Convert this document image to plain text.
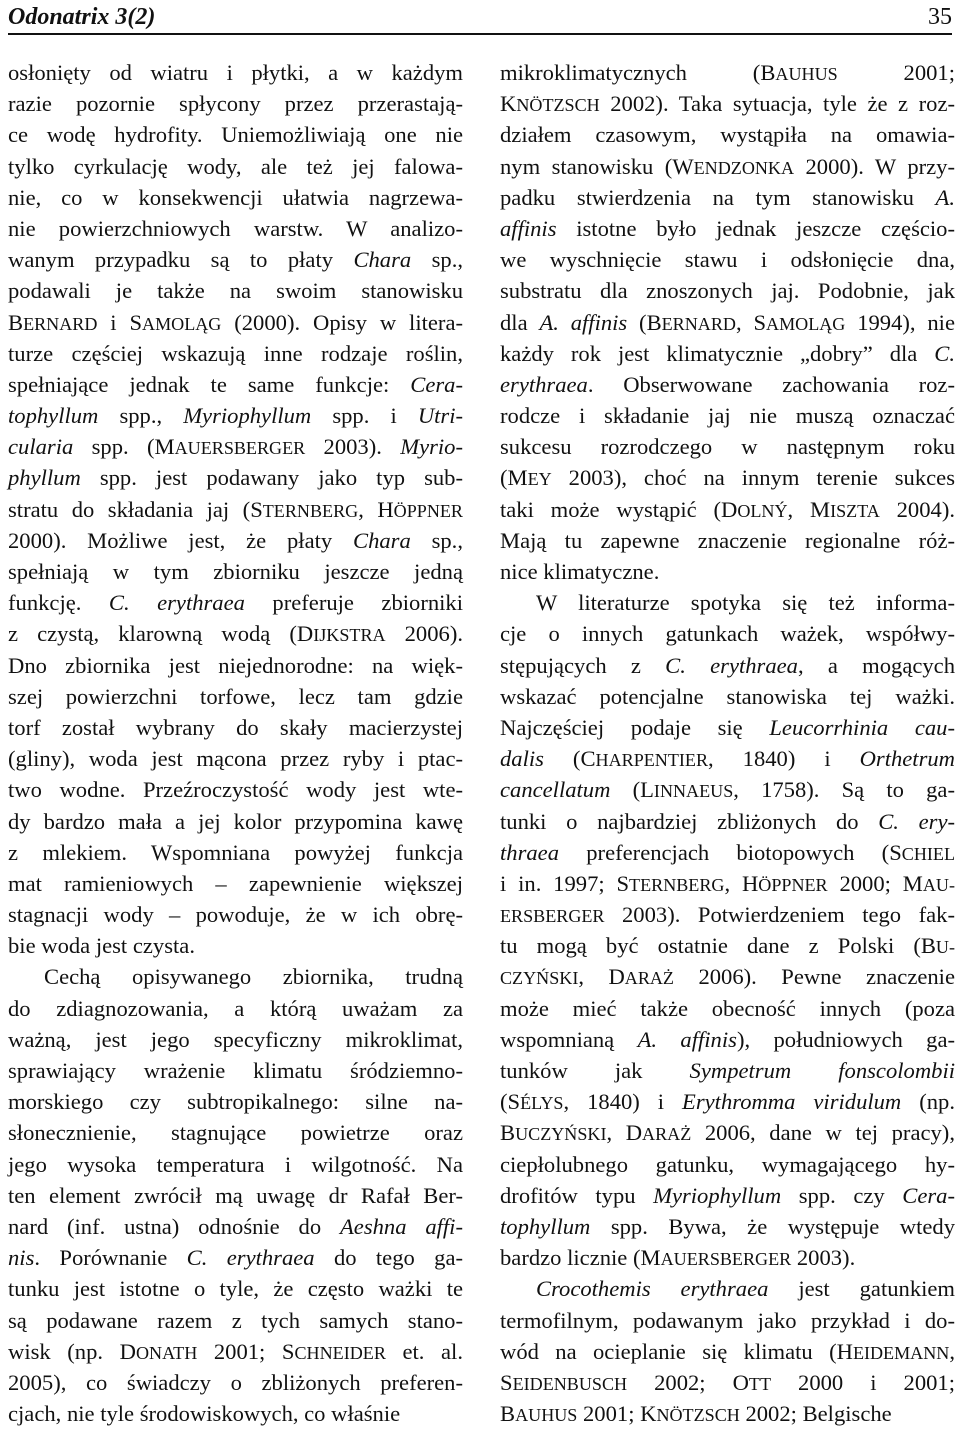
Odonatrix 3(2)	35
osłonięty od wiatru i płytki, a w każdym
razie pozornie spłycony przez przerastają-
ce wodę hydrofity. Uniemożliwiają one nie
tylko cyrkulację wody, ale też jej falowa-
nie, co w konsekwencji ułatwia nagrzewa-
nie powierzchniowych warstw. W analizo-
wanym przypadku są to płaty Chara sp.,
podawali je także na swoim stanowisku
BERNARD i SAMOLĄG (2000). Opisy w litera-
turze częściej wskazują inne rodzaje roślin,
spełniające jednak te same funkcje: Cera-
tophyllum spp., Myriophyllum spp. i Utri-
cularia spp. (MAUERSBERGER 2003). Myrio-
phyllum spp. jest podawany jako typ sub-
stratu do składania jaj (STERNBERG, HÖPPNER
2000). Możliwe jest, że płaty Chara sp.,
spełniają w tym zbiorniku jeszcze jedną
funkcję. C. erythraea preferuje zbiorniki
z czystą, klarowną wodą (DIJKSTRA 2006).
Dno zbiornika jest niejednorodne: na więk-
szej powierzchni torfowe, lecz tam gdzie
torf został wybrany do skały macierzystej
(gliny), woda jest mącona przez ryby i ptac-
two wodne. Przeźroczystość wody jest wte-
dy bardzo mała a jej kolor przypomina kawę
z mlekiem. Wspomniana powyżej funkcja
mat ramieniowych – zapewnienie większej
stagnacji wody – powoduje, że w ich obrę-
bie woda jest czysta.
Cechą opisywanego zbiornika, trudną
do zdiagnozowania, a którą uważam za
ważną, jest jego specyficzny mikroklimat,
sprawiający wrażenie klimatu śródziemno-
morskiego czy subtropikalnego: silne na-
słonecznienie, stagnujące powietrze oraz
jego wysoka temperatura i wilgotność. Na
ten element zwrócił mą uwagę dr Rafał Ber-
nard (inf. ustna) odnośnie do Aeshna affi-
nis. Porównanie C. erythraea do tego ga-
tunku jest istotne o tyle, że często ważki te
są podawane razem z tych samych stano-
wisk (np. DONATH 2001; SCHNEIDER et. al.
2005), co świadczy o zbliżonych preferen-
cjach, nie tyle środowiskowych, co właśnie
mikroklimatycznych (BAUHUS 2001;
KNÖTZSCH 2002). Taka sytuacja, tyle że z roz-
działem czasowym, wystąpiła na omawia-
nym stanowisku (WENDZONKA 2000). W przy-
padku stwierdzenia na tym stanowisku A.
affinis istotne było jednak jeszcze częścio-
we wyschnięcie stawu i odsłonięcie dna,
substratu dla znoszonych jaj. Podobnie, jak
dla A. affinis (BERNARD, SAMOLĄG 1994), nie
każdy rok jest klimatycznie „dobry” dla C.
erythraea. Obserwowane zachowania roz-
rodcze i składanie jaj nie muszą oznaczać
sukcesu rozrodczego w następnym roku
(MEY 2003), choć na innym terenie sukces
taki może wystąpić (DOLNÝ, MISZTA 2004).
Mają tu zapewne znaczenie regionalne róż-
nice klimatyczne.
W literaturze spotyka się też informa-
cje o innych gatunkach ważek, współwy-
stępujących z C. erythraea, a mogących
wskazać potencjalne stanowiska tej ważki.
Najczęściej podaje się Leucorrhinia cau-
dalis (CHARPENTIER, 1840) i Orthetrum
cancellatum (LINNAEUS, 1758). Są to ga-
tunki o najbardziej zbliżonych do C. ery-
thraea preferencjach biotopowych (SCHIEL
i in. 1997; STERNBERG, HÖPPNER 2000; MAU-
ERSBERGER 2003). Potwierdzeniem tego fak-
tu mogą być ostatnie dane z Polski (BU-
CZYŃSKI, DARAŻ 2006). Pewne znaczenie
może mieć także obecność innych (poza
wspomnianą A. affinis), południowych ga-
tunków jak Sympetrum fonscolombii
(SÉLYS, 1840) i Erythromma viridulum (np.
BUCZYŃSKI, DARAŻ 2006, dane w tej pracy),
ciepłolubnego gatunku, wymagającego hy-
drofitów typu Myriophyllum spp. czy Cera-
tophyllum spp. Bywa, że występuje wtedy
bardzo licznie (MAUERSBERGER 2003).
Crocothemis erythraea jest gatunkiem
termofilnym, podawanym jako przykład i do-
wód na ocieplanie się klimatu (HEIDEMANN,
SEIDENBUSCH 2002; OTT 2000 i 2001;
BAUHUS 2001; KNÖTZSCH 2002; Belgische
